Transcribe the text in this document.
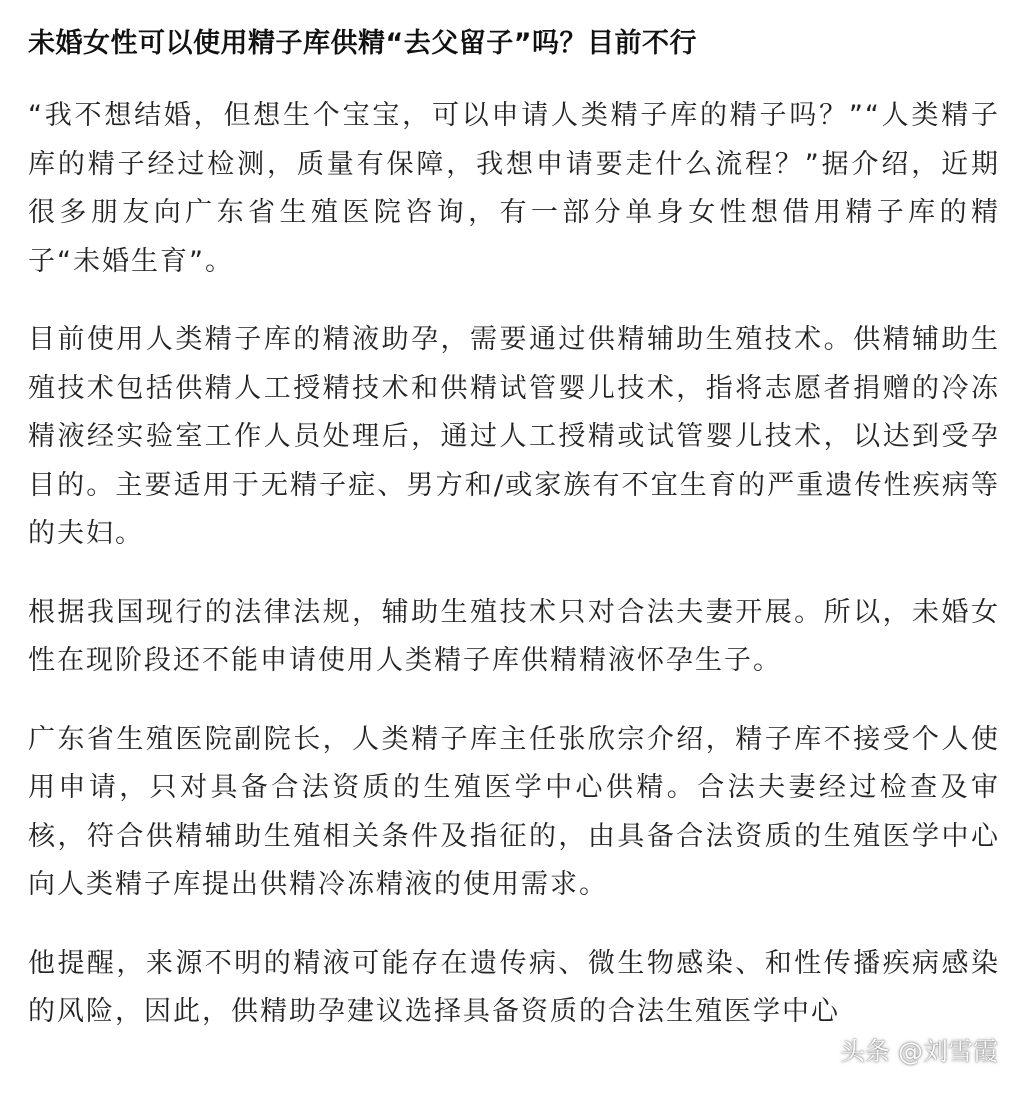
未婚女性可以使用精子库供精“去父留子”吗？目前不行

“我不想结婚，但想生个宝宝，可以申请人类精子库的精子吗？”“人类精子库的精子经过检测，质量有保障，我想申请要走什么流程？”据介绍，近期很多朋友向广东省生殖医院咨询，有一部分单身女性想借用精子库的精子“未婚生育”。

目前使用人类精子库的精液助孕，需要通过供精辅助生殖技术。供精辅助生殖技术包括供精人工授精技术和供精试管婴儿技术，指将志愿者捐赠的冷冻精液经实验室工作人员处理后，通过人工授精或试管婴儿技术，以达到受孕目的。主要适用于无精子症、男方和/或家族有不宜生育的严重遗传性疾病等的夫妇。

根据我国现行的法律法规，辅助生殖技术只对合法夫妻开展。所以，未婚女性在现阶段还不能申请使用人类精子库供精精液怀孕生子。

广东省生殖医院副院长，人类精子库主任张欣宗介绍，精子库不接受个人使用申请，只对具备合法资质的生殖医学中心供精。合法夫妻经过检查及审核，符合供精辅助生殖相关条件及指征的，由具备合法资质的生殖医学中心向人类精子库提出供精冷冻精液的使用需求。

他提醒，来源不明的精液可能存在遗传病、微生物感染、和性传播疾病感染的风险，因此，供精助孕建议选择具备资质的合法生殖医学中心

头条 @刘雪霞
